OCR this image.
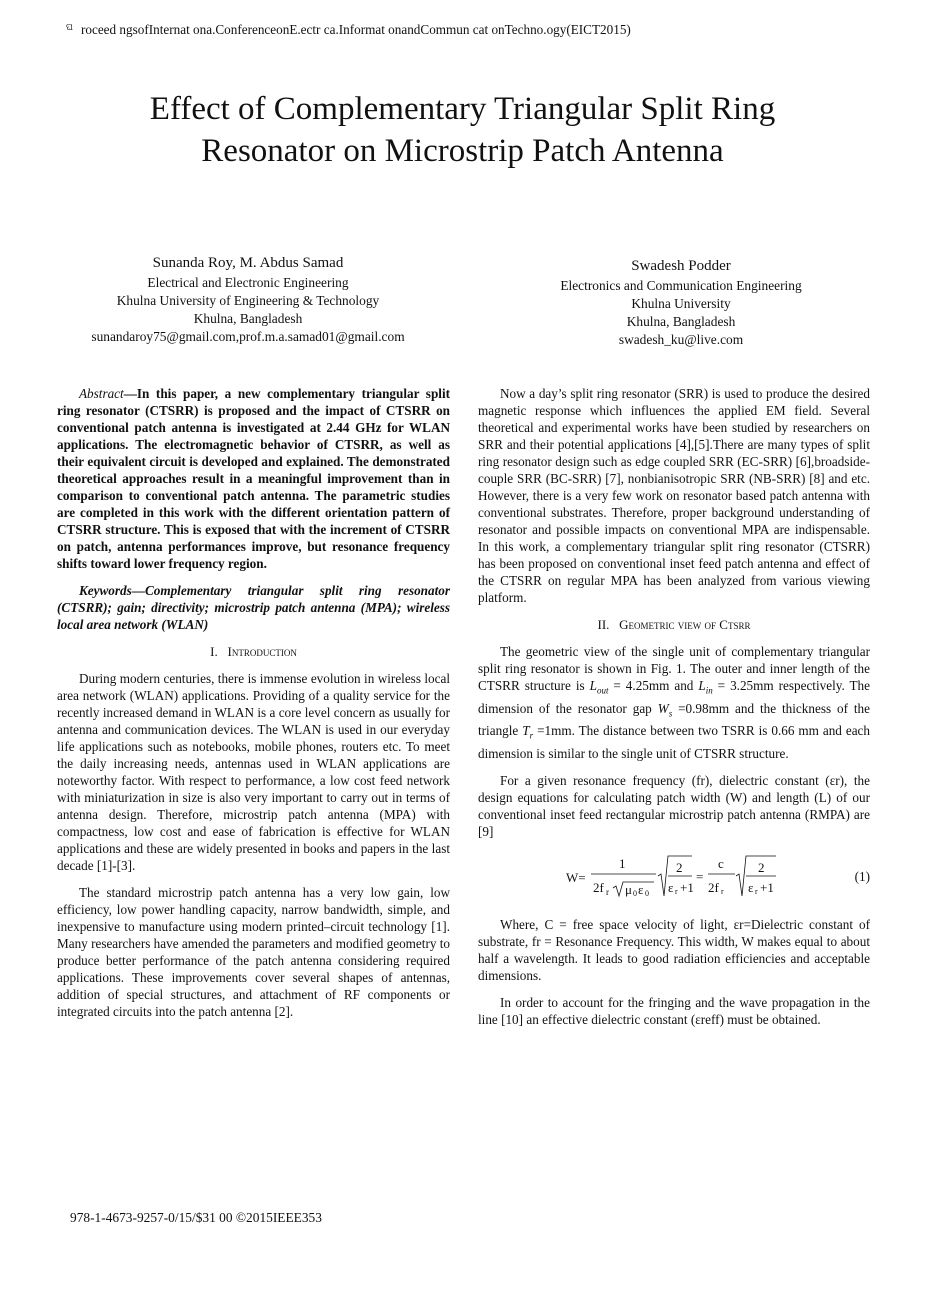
$^ଘ$ roceed ngsofInternat ona.ConferenceonE.ectr ca.Informat onandCommun cat onTechno.ogy(EICT2015)
Effect of Complementary Triangular Split Ring
Resonator on Microstrip Patch Antenna
Sunanda Roy, M. Abdus Samad
Electrical and Electronic Engineering
Khulna University of Engineering & Technology
Khulna, Bangladesh
sunandaroy75@gmail.com,prof.m.a.samad01@gmail.com
Swadesh Podder
Electronics and Communication Engineering
Khulna University
Khulna, Bangladesh
swadesh_ku@live.com

Abstract—In this paper, a new complementary triangular split ring resonator (CTSRR) is proposed and the impact of CTSRR on conventional patch antenna is investigated at 2.44 GHz for WLAN applications. The electromagnetic behavior of CTSRR, as well as their equivalent circuit is developed and explained. The demonstrated theoretical approaches result in a meaningful improvement than in comparison to conventional patch antenna. The parametric studies are completed in this work with the different orientation pattern of CTSRR structure. This is exposed that with the increment of CTSRR on patch, antenna performances improve, but resonance frequency shifts toward lower frequency region.

Keywords—Complementary triangular split ring resonator (CTSRR); gain; directivity; microstrip patch antenna (MPA); wireless local area network (WLAN)

I. Introduction

During modern centuries, there is immense evolution in wireless local area network (WLAN) applications. Providing of a quality service for the recently increased demand in WLAN is a core level concern as usually for antenna and communication devices. The WLAN is used in our everyday life applications such as notebooks, mobile phones, routers etc. To meet the daily increasing needs, antennas used in WLAN applications are noteworthy factor. With respect to performance, a low cost feed network with miniaturization in size is also very important to carry out in terms of antenna design. Therefore, microstrip patch antenna (MPA) with compactness, low cost and ease of fabrication is effective for WLAN applications and these are widely presented in books and papers in the last decade [1]-[3].

The standard microstrip patch antenna has a very low gain, low efficiency, low power handling capacity, narrow bandwidth, simple, and inexpensive to manufacture using modern printed–circuit technology [1]. Many researchers have amended the parameters and modified geometry to produce better performance of the patch antenna considering required applications. These improvements cover several shapes of antennas, addition of special structures, and attachment of RF components or integrated circuits into the patch antenna [2].

Now a day’s split ring resonator (SRR) is used to produce the desired magnetic response which influences the applied EM field. Several theoretical and experimental works have been studied by researchers on SRR and their potential applications [4],[5].There are many types of split ring resonator design such as edge coupled SRR (EC-SRR) [6],broadside-couple SRR (BC-SRR) [7], nonbianisotropic SRR (NB-SRR) [8] and etc. However, there is a very few work on resonator based patch antenna with conventional substrates. Therefore, proper background understanding of resonator and possible impacts on conventional MPA are indispensable. In this work, a complementary triangular split ring resonator (CTSRR) has been proposed on conventional inset feed patch antenna and effect of the CTSRR on regular MPA has been analyzed from various viewing platform.

II. Geometric view of Ctsrr

The geometric view of the single unit of complementary triangular split ring resonator is shown in Fig. 1. The outer and inner length of the CTSRR structure is $L_{out} = 4.25mm$ and $L_{in} = 3.25mm$ respectively. The dimension of the resonator gap $W_s =0.98mm$ and the thickness of the triangle $T_r =1mm$. The distance between two TSRR is 0.66 mm and each dimension is similar to the single unit of CTSRR structure.

For a given resonance frequency (fr), dielectric constant (εr), the design equations for calculating patch width (W) and length (L) of our conventional inset feed rectangular microstrip patch antenna (RMPA) are [9]

W=
1
2f r μ 0 ε 0
2
ε r +1
=
c
2f r
2
ε r +1
(1)

Where, C = free space velocity of light, εr=Dielectric constant of substrate, fr = Resonance Frequency. This width, W makes equal to about half a wavelength. It leads to good radiation efficiencies and acceptable dimensions.

In order to account for the fringing and the wave propagation in the line [10] an effective dielectric constant (εreff) must be obtained.

978-1-4673-9257-0/15/$31 00 ©2015IEEE353
